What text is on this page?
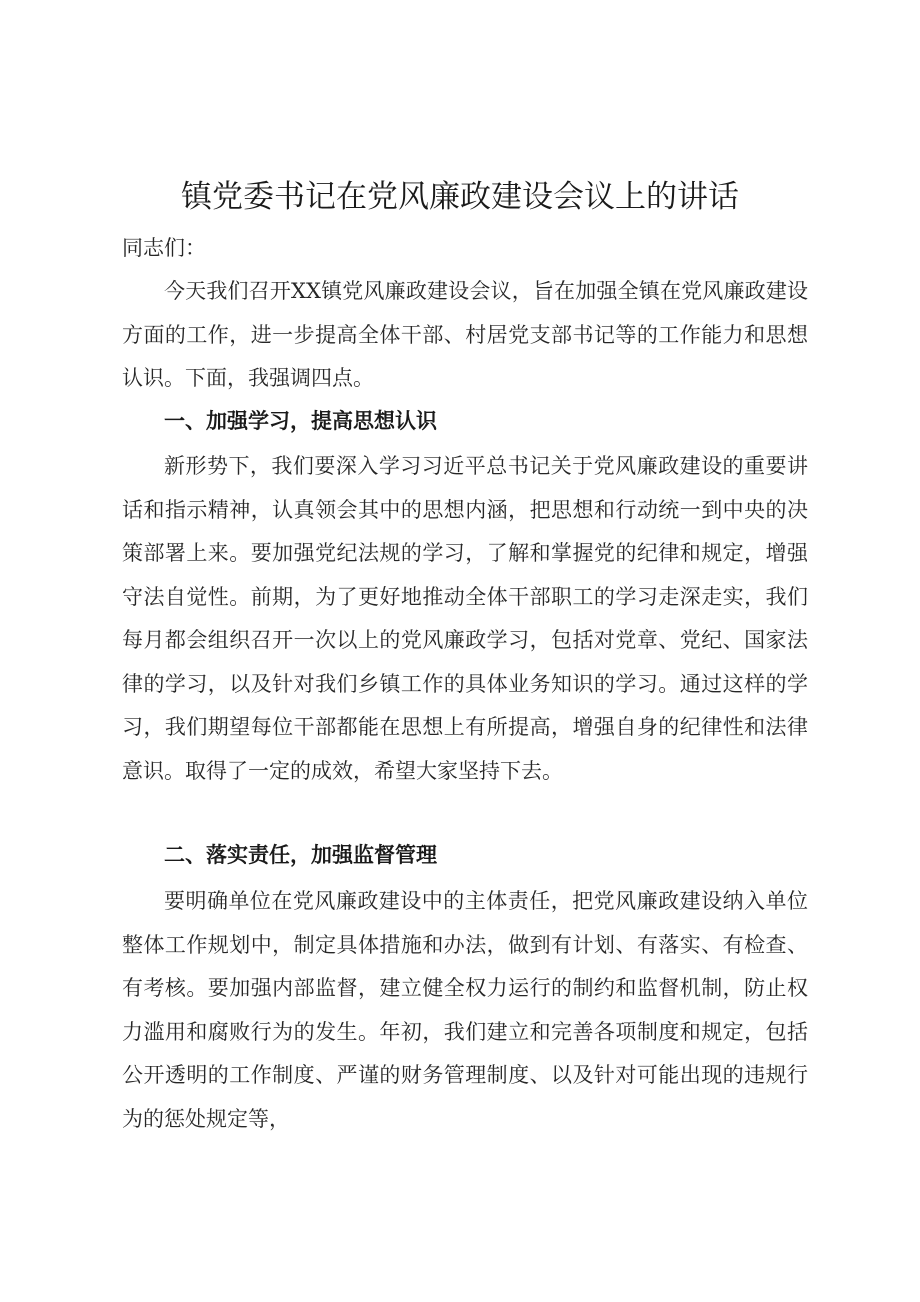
镇党委书记在党风廉政建设会议上的讲话
同志们：

今天我们召开XX镇党风廉政建设会议，旨在加强全镇在党风廉政建设方面的工作，进一步提高全体干部、村居党支部书记等的工作能力和思想认识。下面，我强调四点。

一、加强学习，提高思想认识

新形势下，我们要深入学习习近平总书记关于党风廉政建设的重要讲话和指示精神，认真领会其中的思想内涵，把思想和行动统一到中央的决策部署上来。要加强党纪法规的学习，了解和掌握党的纪律和规定，增强守法自觉性。前期，为了更好地推动全体干部职工的学习走深走实，我们每月都会组织召开一次以上的党风廉政学习，包括对党章、党纪、国家法律的学习，以及针对我们乡镇工作的具体业务知识的学习。通过这样的学习，我们期望每位干部都能在思想上有所提高，增强自身的纪律性和法律意识。取得了一定的成效，希望大家坚持下去。

二、落实责任，加强监督管理

要明确单位在党风廉政建设中的主体责任，把党风廉政建设纳入单位整体工作规划中，制定具体措施和办法，做到有计划、有落实、有检查、有考核。要加强内部监督，建立健全权力运行的制约和监督机制，防止权力滥用和腐败行为的发生。年初，我们建立和完善各项制度和规定，包括公开透明的工作制度、严谨的财务管理制度、以及针对可能出现的违规行为的惩处规定等，
